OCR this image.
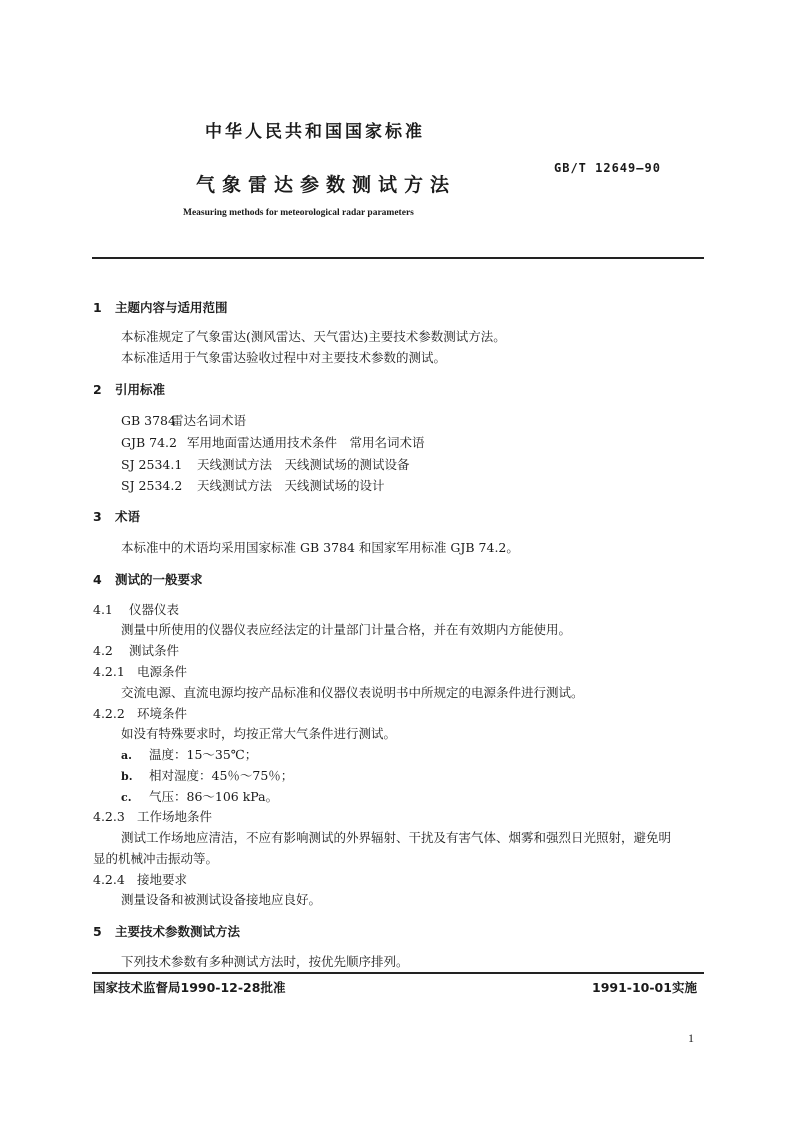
中华人民共和国国家标准
气象雷达参数测试方法
Measuring methods for meteorological radar parameters
GB/T 12649—90
1 主题内容与适用范围
本标准规定了气象雷达(测风雷达、天气雷达)主要技术参数测试方法。
本标准适用于气象雷达验收过程中对主要技术参数的测试。
2 引用标准
GB 3784雷达名词术语
GJB 74.2 军用地面雷达通用技术条件　常用名词术语
SJ 2534.1 天线测试方法　天线测试场的测试设备
SJ 2534.2 天线测试方法　天线测试场的设计
3 术语
本标准中的术语均采用国家标准 GB 3784 和国家军用标准 GJB 74.2。
4 测试的一般要求
4.1 仪器仪表
测量中所使用的仪器仪表应经法定的计量部门计量合格，并在有效期内方能使用。
4.2 测试条件
4.2.1 电源条件
交流电源、直流电源均按产品标准和仪器仪表说明书中所规定的电源条件进行测试。
4.2.2 环境条件
如没有特殊要求时，均按正常大气条件进行测试。
a. 温度：15～35℃；
b. 相对湿度：45％～75％；
c. 气压：86～106 kPa。
4.2.3 工作场地条件
测试工作场地应清洁，不应有影响测试的外界辐射、干扰及有害气体、烟雾和强烈日光照射，避免明
显的机械冲击振动等。
4.2.4 接地要求
测量设备和被测试设备接地应良好。
5 主要技术参数测试方法
下列技术参数有多种测试方法时，按优先顺序排列。
国家技术监督局1990-12-28批准	1991-10-01实施
1
